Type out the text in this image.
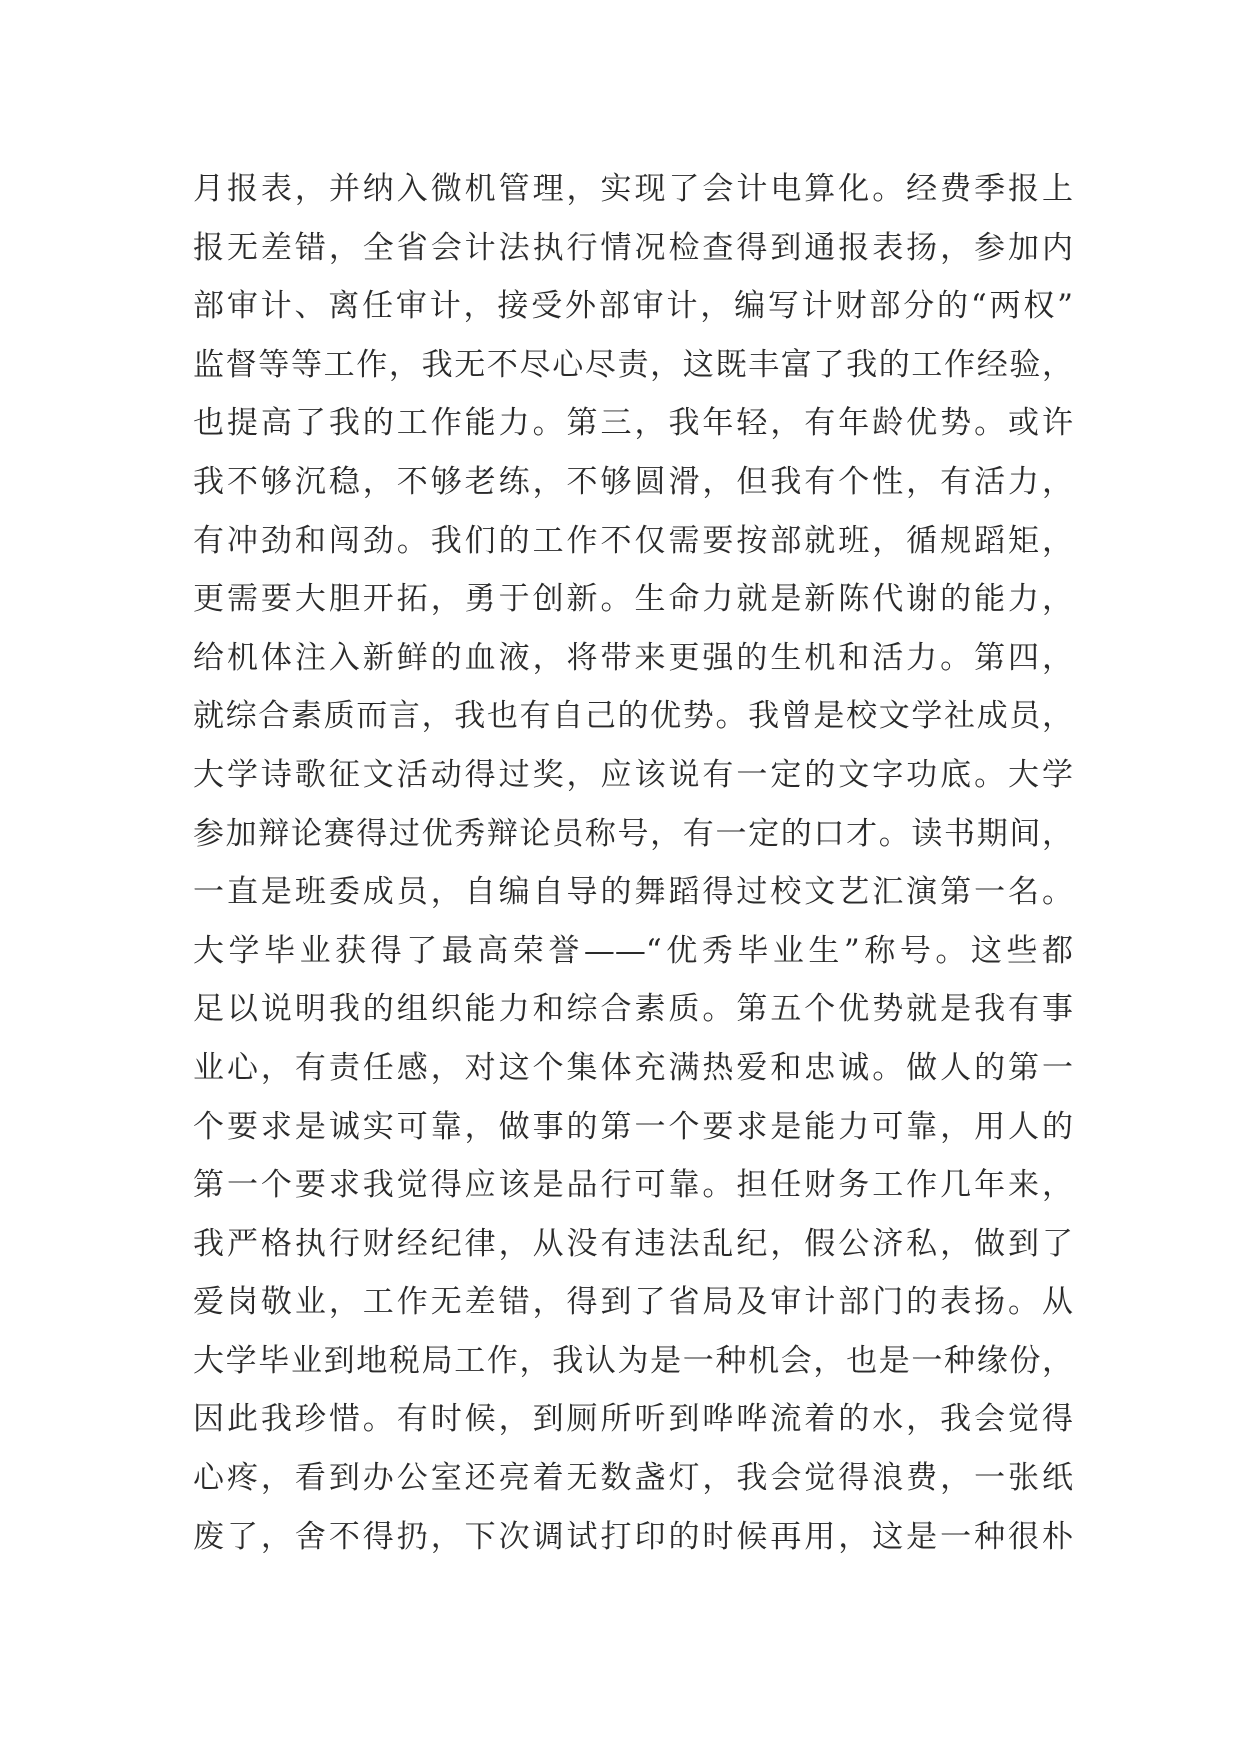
月报表，并纳入微机管理，实现了会计电算化。经费季报上
报无差错，全省会计法执行情况检查得到通报表扬，参加内
部审计、离任审计，接受外部审计，编写计财部分的“两权”
监督等等工作，我无不尽心尽责，这既丰富了我的工作经验，
也提高了我的工作能力。第三，我年轻，有年龄优势。或许
我不够沉稳，不够老练，不够圆滑，但我有个性，有活力，
有冲劲和闯劲。我们的工作不仅需要按部就班，循规蹈矩，
更需要大胆开拓，勇于创新。生命力就是新陈代谢的能力，
给机体注入新鲜的血液，将带来更强的生机和活力。第四，
就综合素质而言，我也有自己的优势。我曾是校文学社成员，
大学诗歌征文活动得过奖，应该说有一定的文字功底。大学
参加辩论赛得过优秀辩论员称号，有一定的口才。读书期间，
一直是班委成员，自编自导的舞蹈得过校文艺汇演第一名。
大学毕业获得了最高荣誉——“优秀毕业生”称号。这些都
足以说明我的组织能力和综合素质。第五个优势就是我有事
业心，有责任感，对这个集体充满热爱和忠诚。做人的第一
个要求是诚实可靠，做事的第一个要求是能力可靠，用人的
第一个要求我觉得应该是品行可靠。担任财务工作几年来，
我严格执行财经纪律，从没有违法乱纪，假公济私，做到了
爱岗敬业，工作无差错，得到了省局及审计部门的表扬。从
大学毕业到地税局工作，我认为是一种机会，也是一种缘份，
因此我珍惜。有时候，到厕所听到哗哗流着的水，我会觉得
心疼，看到办公室还亮着无数盏灯，我会觉得浪费，一张纸
废了，舍不得扔，下次调试打印的时候再用，这是一种很朴
